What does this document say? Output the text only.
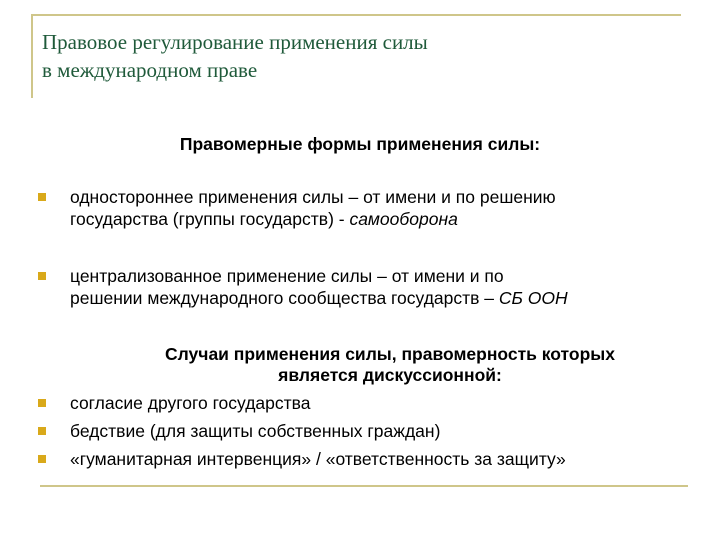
Правовое регулирование применения силы
в международном праве
Правомерные формы применения силы:
одностороннее применения силы – от имени и по решению
государства (группы государств) - самооборона
централизованное применение силы – от имени и по
решении международного сообщества государств – СБ ООН
Случаи применения силы, правомерность которых
является дискуссионной:
согласие другого государства
бедствие (для защиты собственных граждан)
«гуманитарная интервенция» / «ответственность за защиту»
